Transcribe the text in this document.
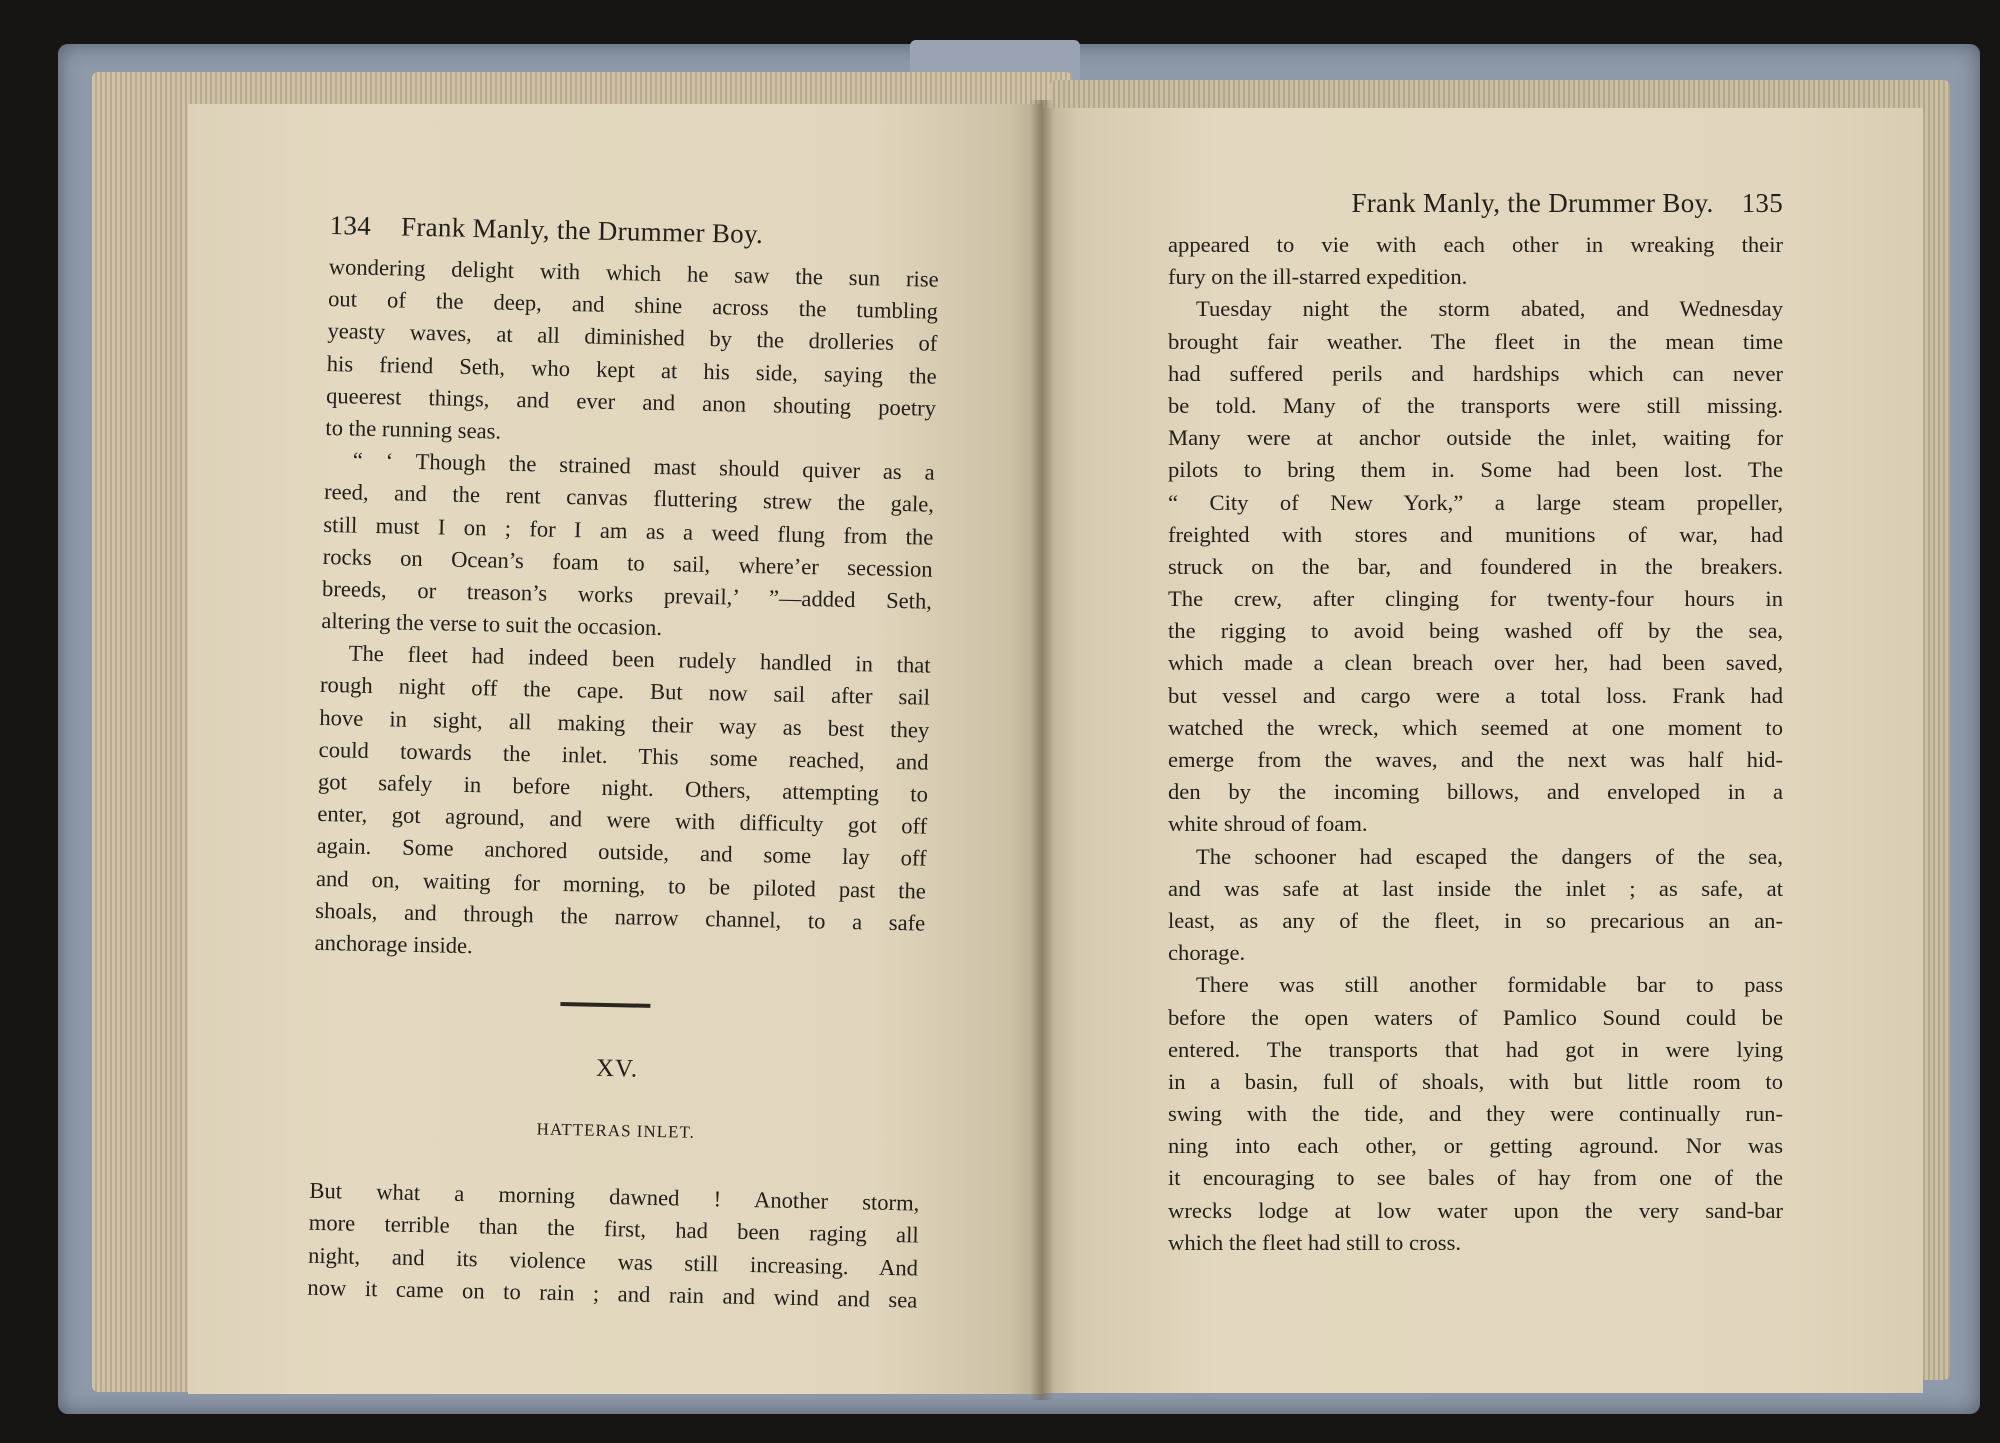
134 Frank Manly, the Drummer Boy.
wondering delight with which he saw the sun rise
out of the deep, and shine across the tumbling
yeasty waves, at all diminished by the drolleries of
his friend Seth, who kept at his side, saying the
queerest things, and ever and anon shouting poetry
to the running seas.
“ ‘ Though the strained mast should quiver as a
reed, and the rent canvas fluttering strew the gale,
still must I on ; for I am as a weed flung from the
rocks on Ocean’s foam to sail, where’er secession
breeds, or treason’s works prevail,’ ”—added Seth,
altering the verse to suit the occasion.
The fleet had indeed been rudely handled in that
rough night off the cape. But now sail after sail
hove in sight, all making their way as best they
could towards the inlet. This some reached, and
got safely in before night. Others, attempting to
enter, got aground, and were with difficulty got off
again. Some anchored outside, and some lay off
and on, waiting for morning, to be piloted past the
shoals, and through the narrow channel, to a safe
anchorage inside.
XV.
HATTERAS INLET.
But what a morning dawned ! Another storm,
more terrible than the first, had been raging all
night, and its violence was still increasing. And
now it came on to rain ; and rain and wind and sea
Frank Manly, the Drummer Boy. 135
appeared to vie with each other in wreaking their
fury on the ill-starred expedition.
Tuesday night the storm abated, and Wednesday
brought fair weather. The fleet in the mean time
had suffered perils and hardships which can never
be told. Many of the transports were still missing.
Many were at anchor outside the inlet, waiting for
pilots to bring them in. Some had been lost. The
“ City of New York,” a large steam propeller,
freighted with stores and munitions of war, had
struck on the bar, and foundered in the breakers.
The crew, after clinging for twenty-four hours in
the rigging to avoid being washed off by the sea,
which made a clean breach over her, had been saved,
but vessel and cargo were a total loss. Frank had
watched the wreck, which seemed at one moment to
emerge from the waves, and the next was half hid-
den by the incoming billows, and enveloped in a
white shroud of foam.
The schooner had escaped the dangers of the sea,
and was safe at last inside the inlet ; as safe, at
least, as any of the fleet, in so precarious an an-
chorage.
There was still another formidable bar to pass
before the open waters of Pamlico Sound could be
entered. The transports that had got in were lying
in a basin, full of shoals, with but little room to
swing with the tide, and they were continually run-
ning into each other, or getting aground. Nor was
it encouraging to see bales of hay from one of the
wrecks lodge at low water upon the very sand-bar
which the fleet had still to cross.
